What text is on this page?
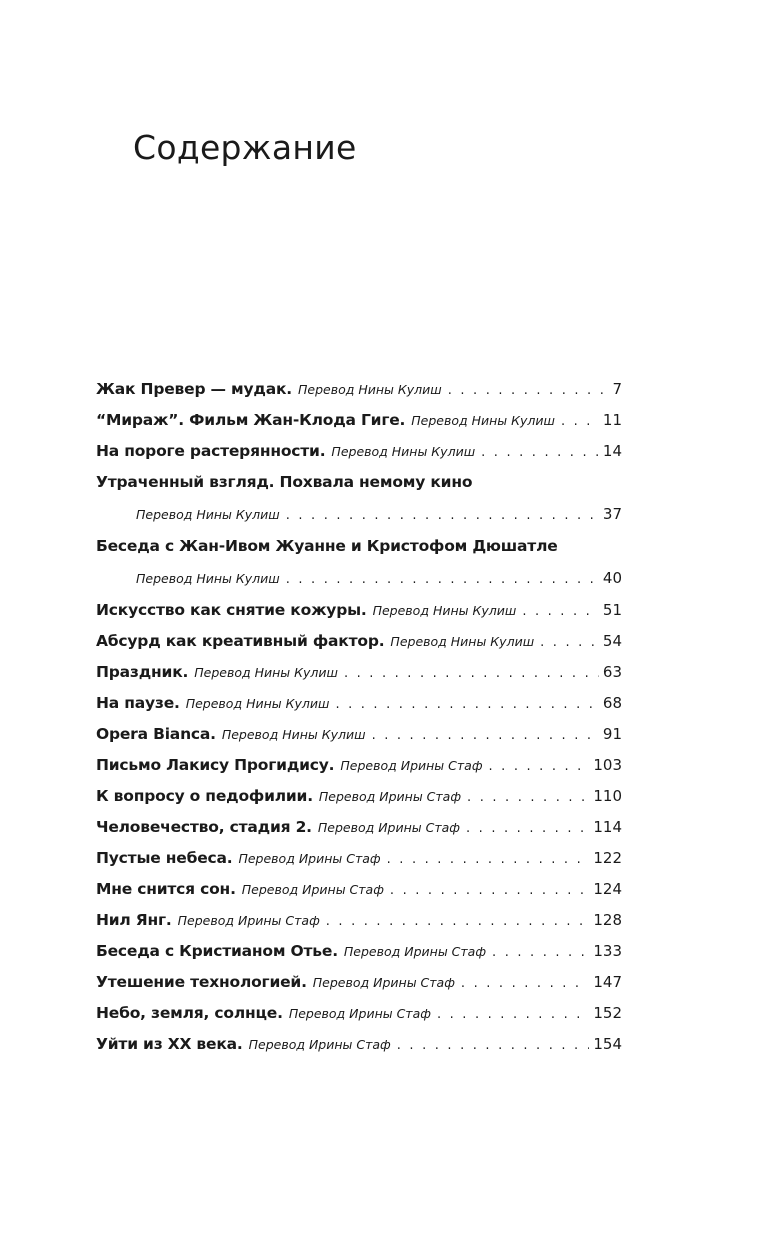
Содержание
Жак Превер — мудак. Перевод Нины Кулиш . . .	7
“Мираж”. Фильм Жан-Клода Гиге. Перевод Нины Кулиш . . .	11
На пороге растерянности. Перевод Нины Кулиш . . .	14
Утраченный взгляд. Похвала немому кино
Перевод Нины Кулиш . . .	37
Беседа с Жан-Ивом Жуанне и Кристофом Дюшатле
Перевод Нины Кулиш . . .	40
Искусство как снятие кожуры. Перевод Нины Кулиш . . .	51
Абсурд как креативный фактор. Перевод Нины Кулиш . . .	54
Праздник. Перевод Нины Кулиш . . .	63
На паузе. Перевод Нины Кулиш . . .	68
Opera Bianca. Перевод Нины Кулиш . . .	91
Письмо Лакису Прогидису. Перевод Ирины Стаф . . .	103
К вопросу о педофилии. Перевод Ирины Стаф . . .	110
Человечество, стадия 2. Перевод Ирины Стаф . . .	114
Пустые небеса. Перевод Ирины Стаф . . .	122
Мне снится сон. Перевод Ирины Стаф . . .	124
Нил Янг. Перевод Ирины Стаф . . .	128
Беседа с Кристианом Отье. Перевод Ирины Стаф . . .	133
Утешение технологией. Перевод Ирины Стаф . . .	147
Небо, земля, солнце. Перевод Ирины Стаф . . .	152
Уйти из XX века. Перевод Ирины Стаф . . .	154
